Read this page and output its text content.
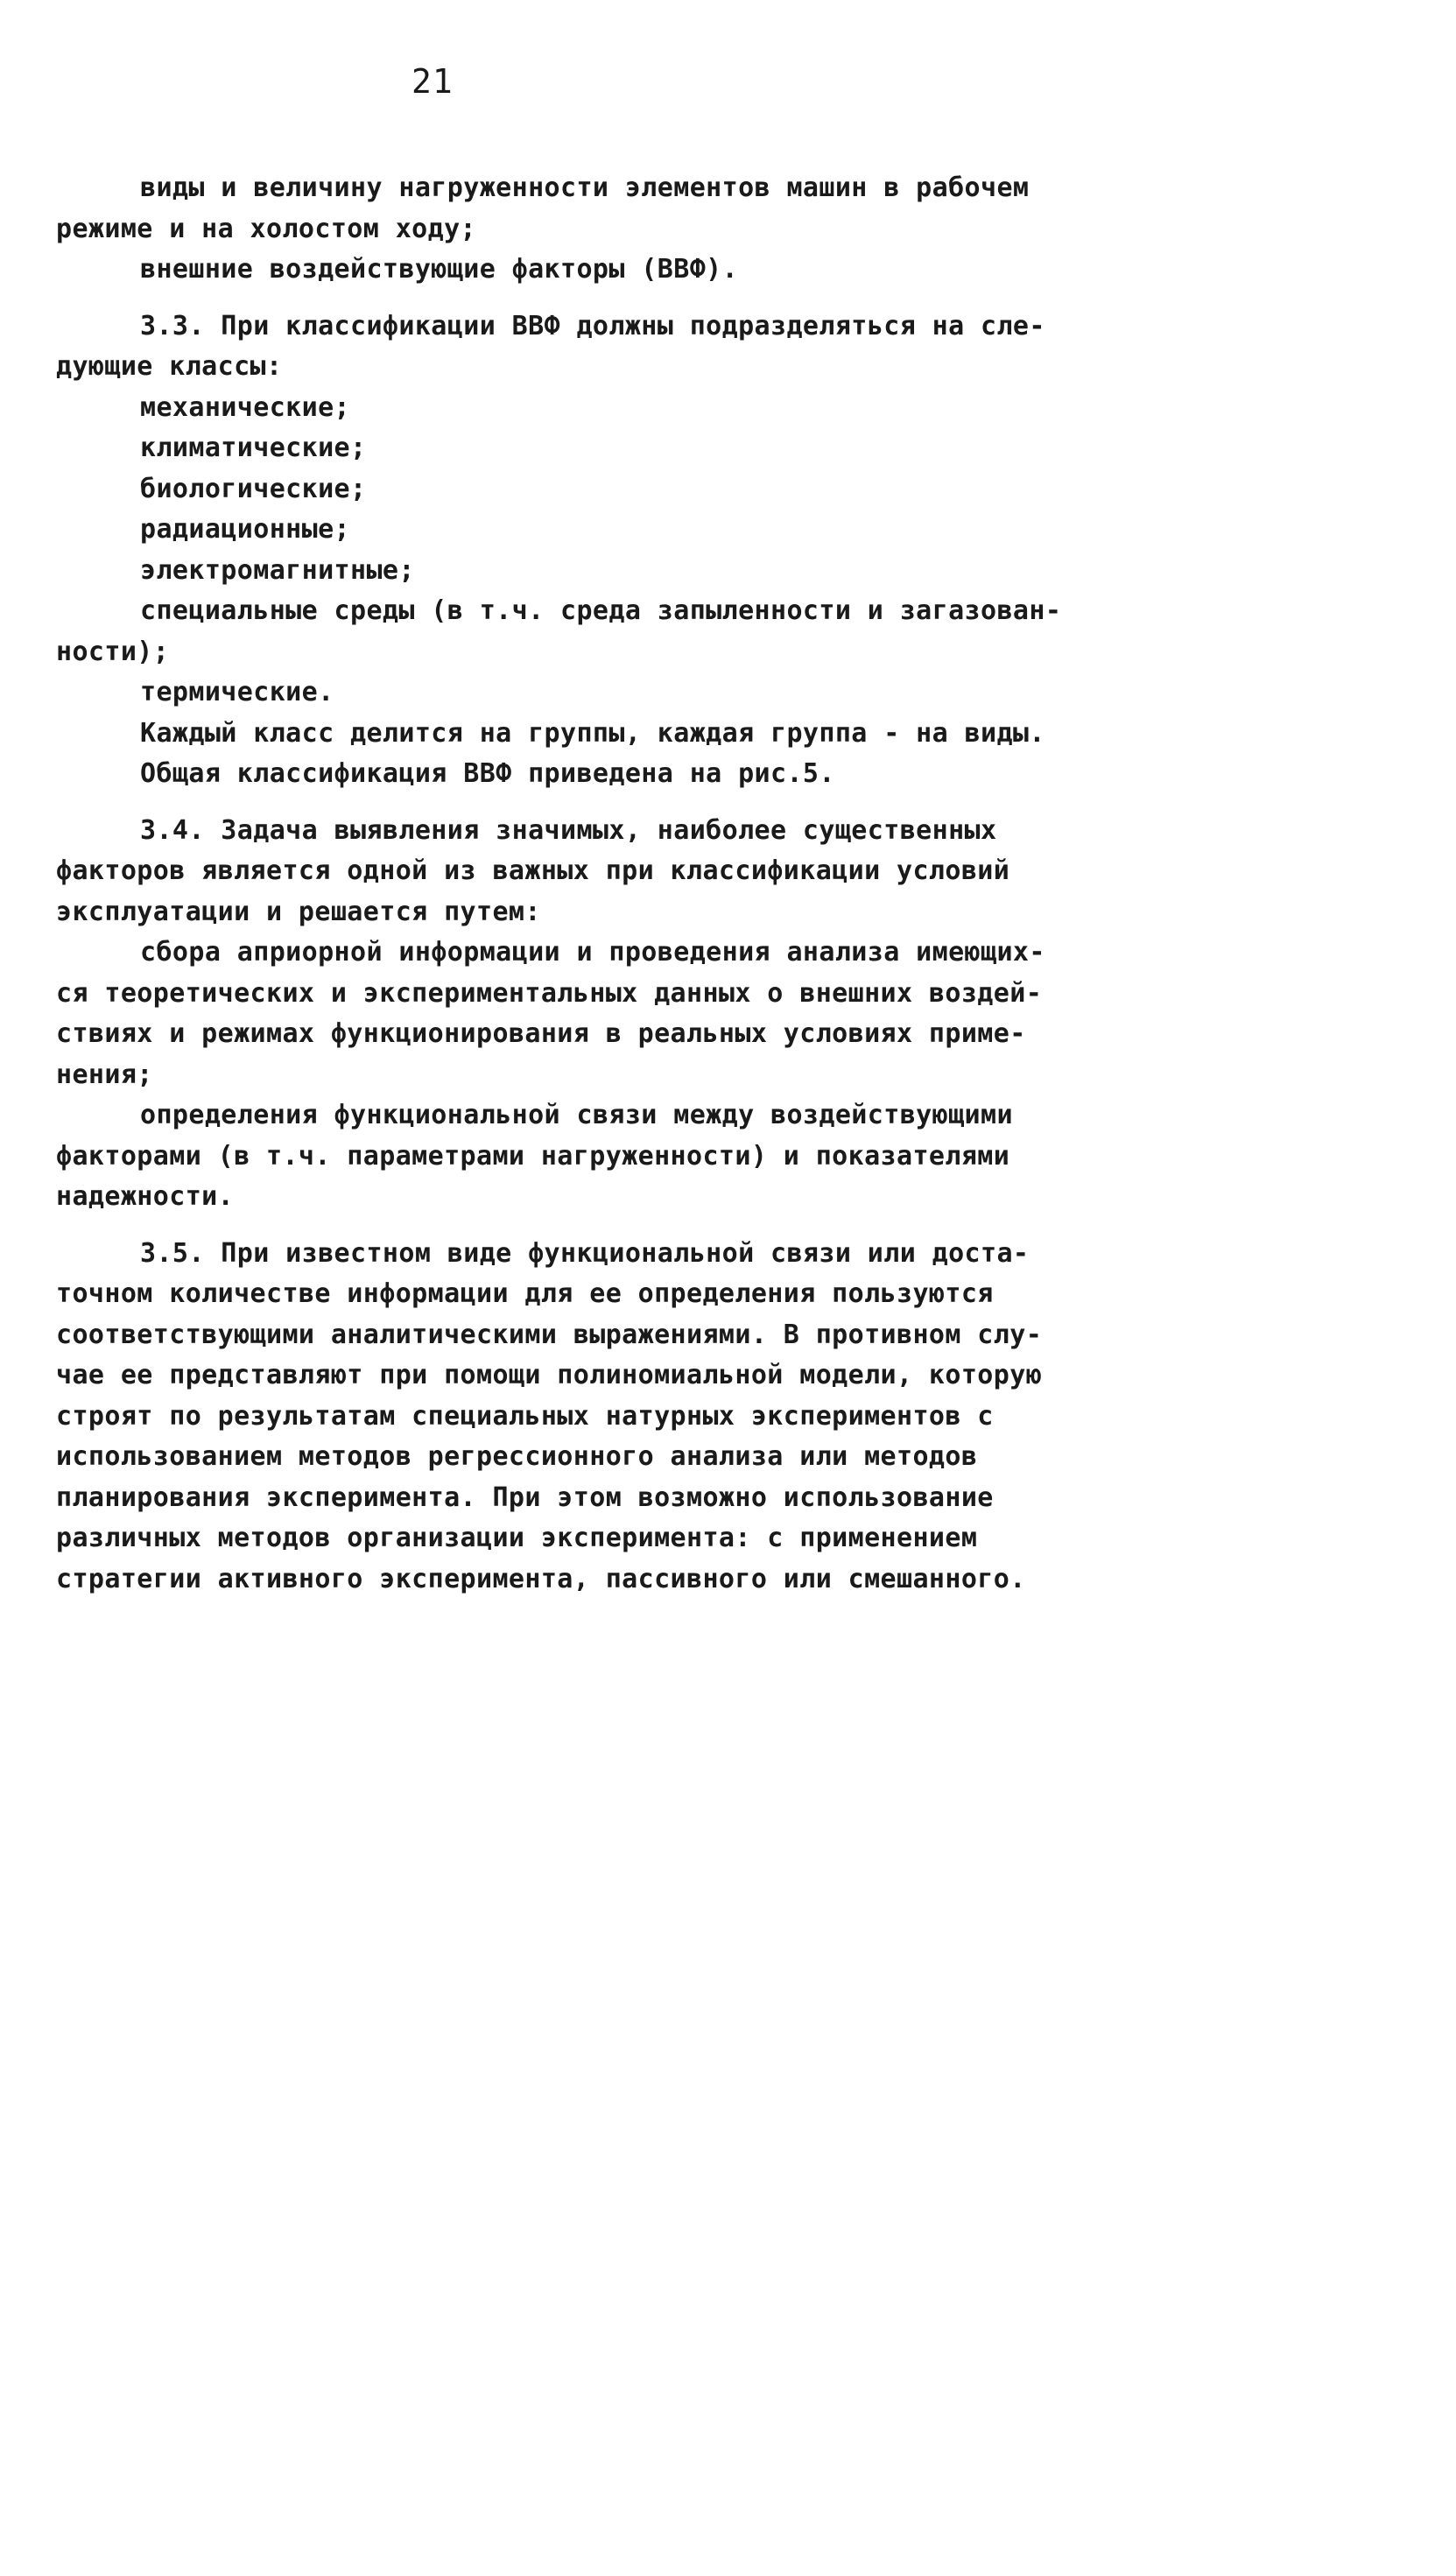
21
виды и величину нагруженности элементов машин в рабочем
режиме и на холостом ходу;
внешние воздействующие факторы (ВВФ).
3.3. При классификации ВВФ должны подразделяться на сле-
дующие классы:
механические;
климатические;
биологические;
радиационные;
электромагнитные;
специальные среды (в т.ч. среда запыленности и загазован-
ности);
термические.
Каждый класс делится на группы, каждая группа - на виды.
Общая классификация ВВФ приведена на рис.5.
3.4. Задача выявления значимых, наиболее существенных
факторов является одной из важных при классификации условий
эксплуатации и решается путем:
сбора априорной информации и проведения анализа имеющих-
ся теоретических и экспериментальных данных о внешних воздей-
ствиях и режимах функционирования в реальных условиях приме-
нения;
определения функциональной связи между воздействующими
факторами (в т.ч. параметрами нагруженности) и показателями
надежности.
3.5. При известном виде функциональной связи или доста-
точном количестве информации для ее определения пользуются
соответствующими аналитическими выражениями. В противном слу-
чае ее представляют при помощи полиномиальной модели, которую
строят по результатам специальных натурных экспериментов с
использованием методов регрессионного анализа или методов
планирования эксперимента. При этом возможно использование
различных методов организации эксперимента: с применением
стратегии активного эксперимента, пассивного или смешанного.
